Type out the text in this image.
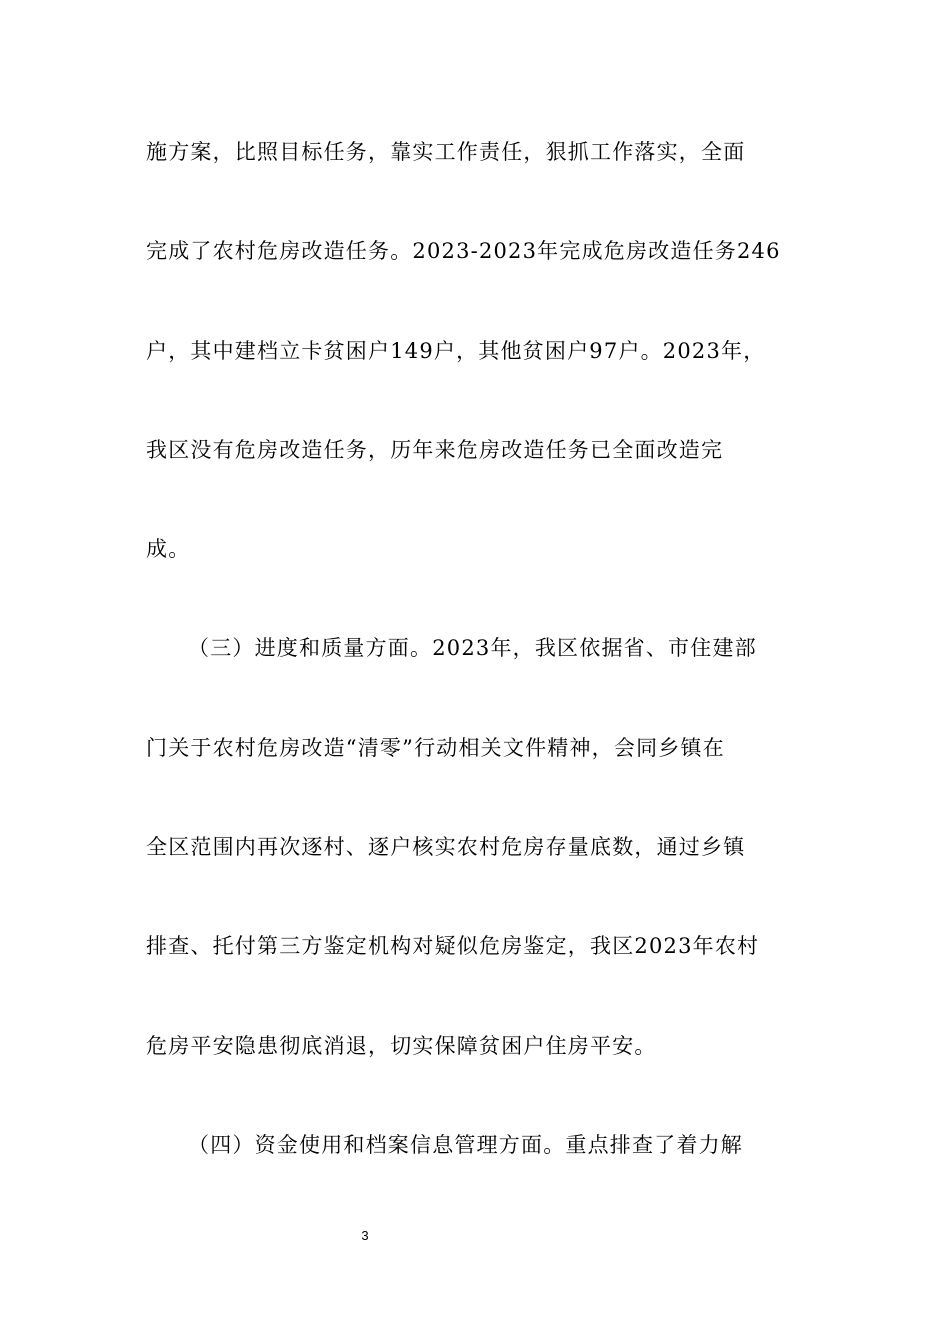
施方案，比照目标任务，靠实工作责任，狠抓工作落实，全面
完成了农村危房改造任务。2023-2023年完成危房改造任务246
户，其中建档立卡贫困户149户，其他贫困户97户。2023年，
我区没有危房改造任务，历年来危房改造任务已全面改造完
成。
（三）进度和质量方面。2023年，我区依据省、市住建部
门关于农村危房改造“清零”行动相关文件精神，会同乡镇在
全区范围内再次逐村、逐户核实农村危房存量底数，通过乡镇
排查、托付第三方鉴定机构对疑似危房鉴定，我区2023年农村
危房平安隐患彻底消退，切实保障贫困户住房平安。
（四）资金使用和档案信息管理方面。重点排查了着力解
3
